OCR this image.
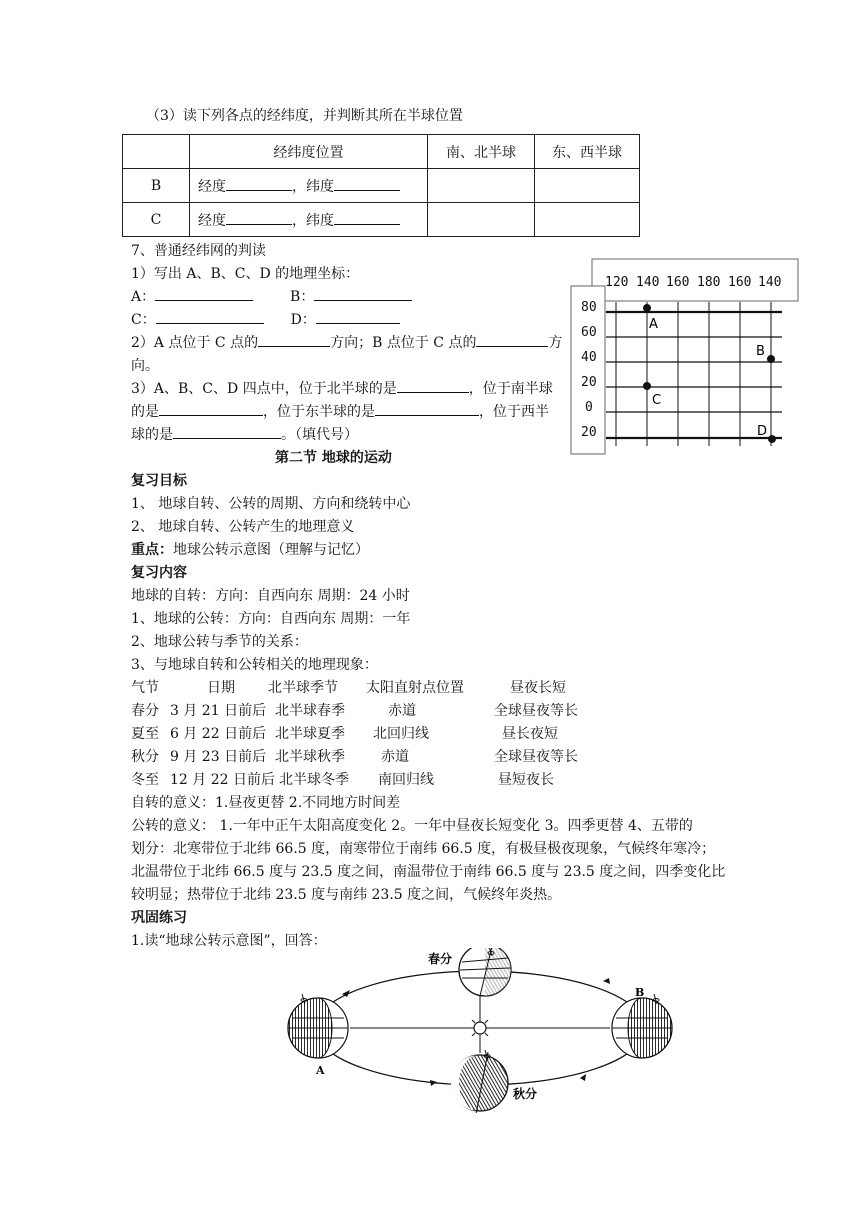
（3）读下列各点的经纬度，并判断其所在半球位置
	经纬度位置	南、北半球	东、西半球
B	经度 ，纬度		
C	经度 ，纬度		
7、普通经纬网的判读
1）写出 A、B、C、D 的地理坐标：
A：	B：
C：	D：
2）A 点位于 C 点的	方向；B 点位于 C 点的	方
向。
3）A、B、C、D 四点中，位于北半球的是	，位于南半球
的是	，位于东半球的是	，位于西半
球的是	。（填代号）
120 140 160 180 160 140
80
60
40
20
0
20
A
B
C
D
第二节 地球的运动
复习目标
1、 地球自转、公转的周期、方向和绕转中心
2、 地球自转、公转产生的地理意义
重点：地球公转示意图（理解与记忆）
复习内容
地球的自转：方向：自西向东 周期：24 小时
1、地球的公转：方向：自西向东 周期：一年
2、地球公转与季节的关系：
3、与地球自转和公转相关的地理现象：
气节	日期 北半球季节 太阳直射点位置	昼夜长短
春分 3 月 21 日前后 北半球春季	赤道	全球昼夜等长
夏至 6 月 22 日前后 北半球夏季 北回归线	昼长夜短
秋分 9 月 23 日前后 北半球秋季	赤道	全球昼夜等长
冬至 12 月 22 日前后 北半球冬季 南回归线	昼短夜长
自转的意义：1.昼夜更替 2.不同地方时间差
公转的意义： 1.一年中正午太阳高度变化 2。一年中昼夜长短变化 3。四季更替 4、五带的
划分：北寒带位于北纬 66.5 度，南寒带位于南纬 66.5 度，有极昼极夜现象，气候终年寒冷；
北温带位于北纬 66.5 度与 23.5 度之间，南温带位于南纬 66.5 度与 23.5 度之间，四季变化比
较明显；热带位于北纬 23.5 度与南纬 23.5 度之间，气候终年炎热。
巩固练习
1.读“地球公转示意图”，回答：
春分
秋分
A
B
